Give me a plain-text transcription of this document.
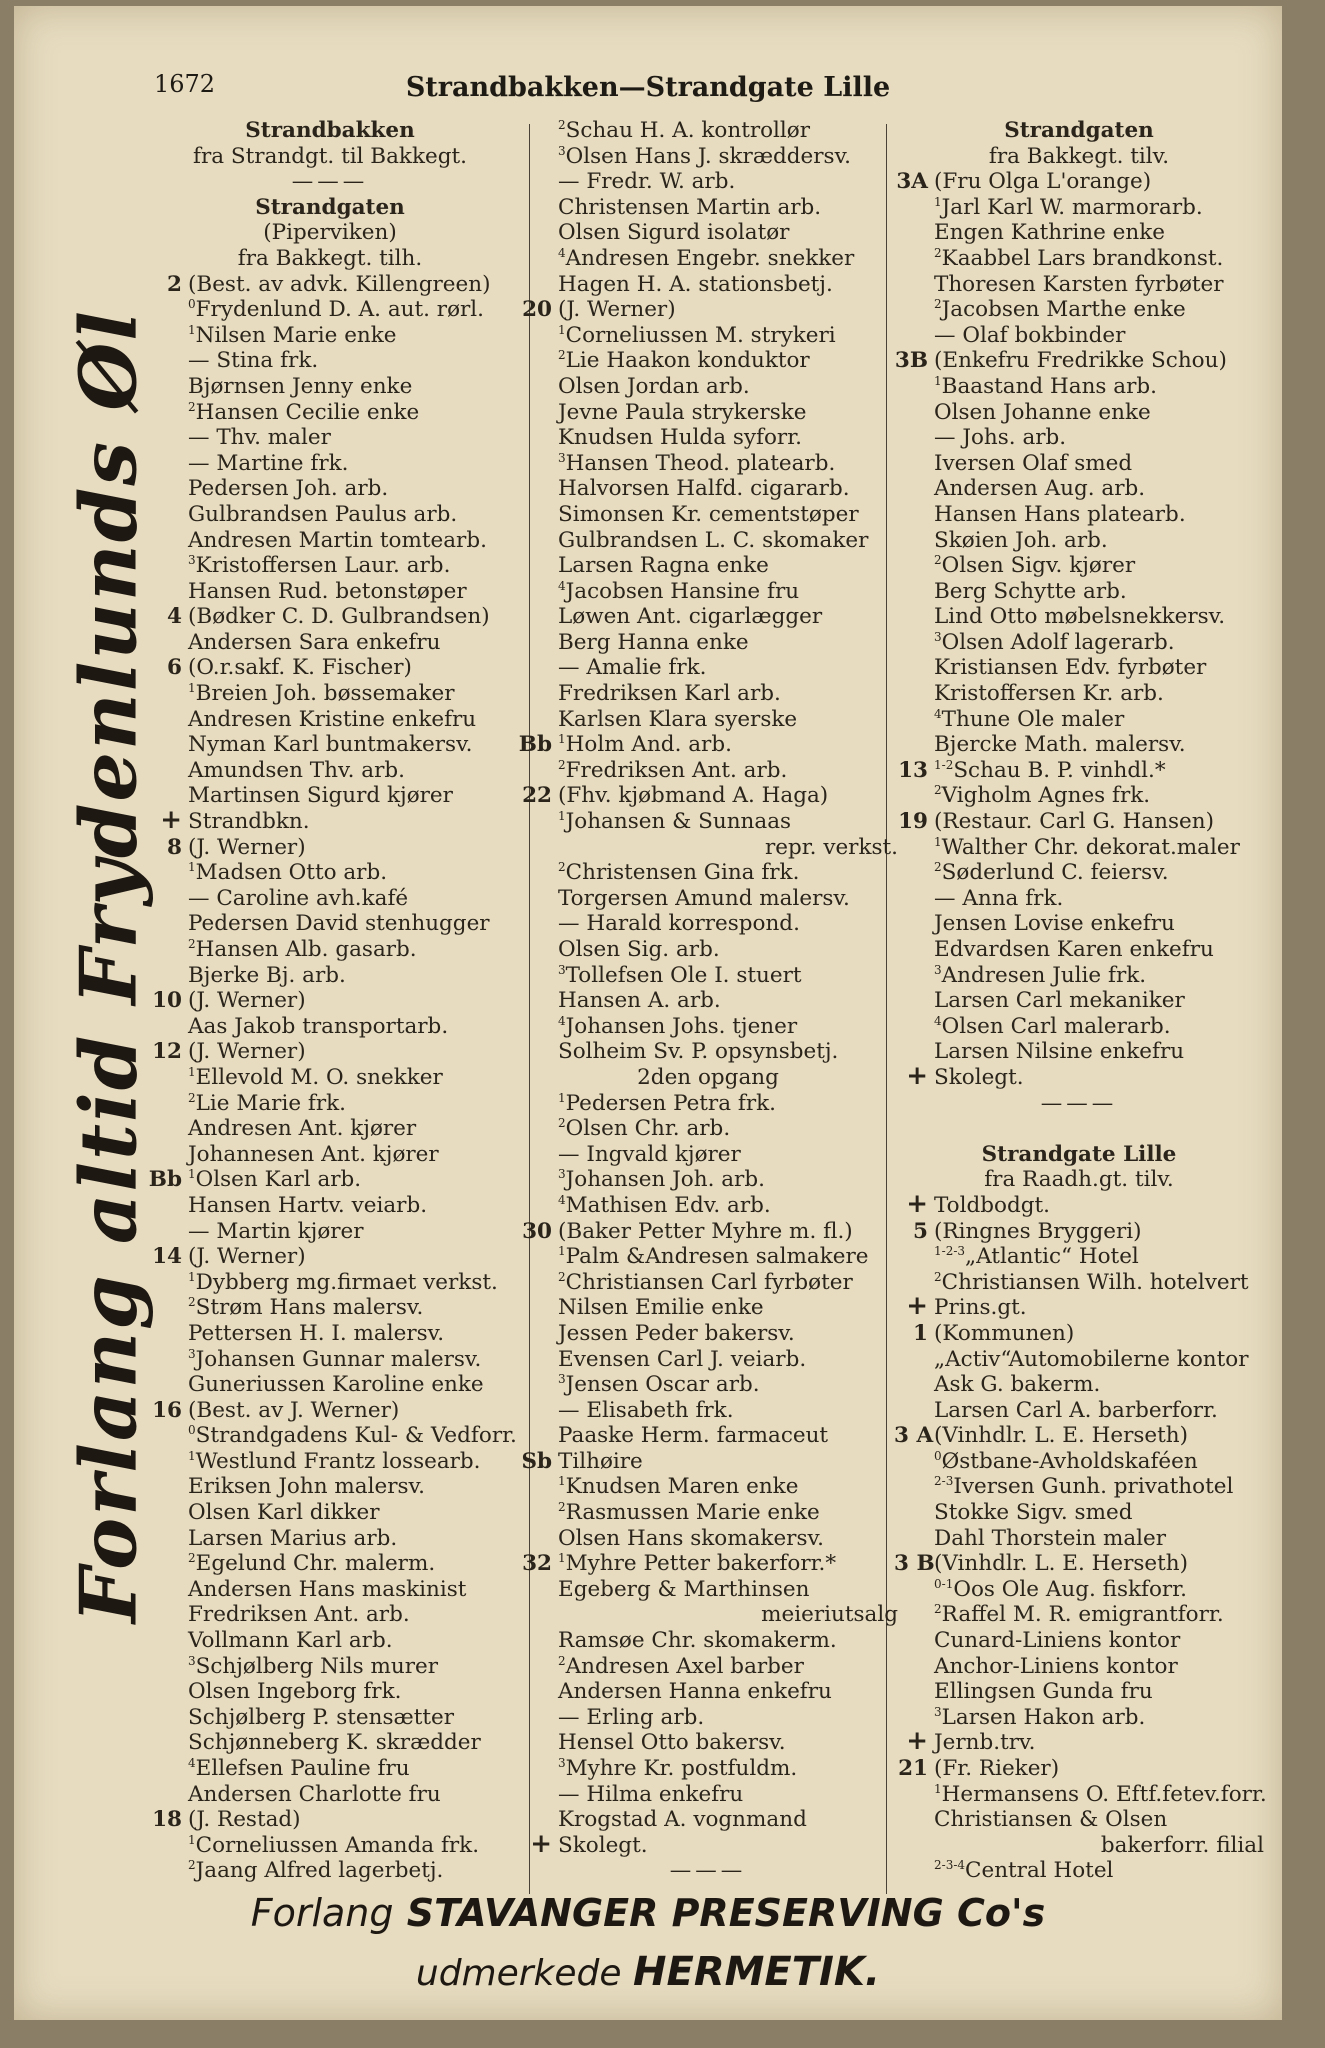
1672	Strandbakken—Strandgate Lille
Forlang altid Frydenlunds Øl
Strandbakken
fra Strandgt. til Bakkegt.
———
Strandgaten
(Piperviken)
fra Bakkegt. tilh.
2 (Best. av advk. Killengreen)
$^0$Frydenlund D. A. aut. rørl.
$^1$Nilsen Marie enke
— Stina frk.
Bjørnsen Jenny enke
$^2$Hansen Cecilie enke
— Thv. maler
— Martine frk.
Pedersen Joh. arb.
Gulbrandsen Paulus arb.
Andresen Martin tomtearb.
$^3$Kristoffersen Laur. arb.
Hansen Rud. betonstøper
4 (Bødker C. D. Gulbrandsen)
Andersen Sara enkefru
6 (O.r.sakf. K. Fischer)
$^1$Breien Joh. bøssemaker
Andresen Kristine enkefru
Nyman Karl buntmakersv.
Amundsen Thv. arb.
Martinsen Sigurd kjører
+ Strandbkn.
8 (J. Werner)
$^1$Madsen Otto arb.
— Caroline avh.kafé
Pedersen David stenhugger
$^2$Hansen Alb. gasarb.
Bjerke Bj. arb.
10 (J. Werner)
Aas Jakob transportarb.
12 (J. Werner)
$^1$Ellevold M. O. snekker
$^2$Lie Marie frk.
Andresen Ant. kjører
Johannesen Ant. kjører
Bb $^1$Olsen Karl arb.
Hansen Hartv. veiarb.
— Martin kjører
14 (J. Werner)
$^1$Dybberg mg.firmaet verkst.
$^2$Strøm Hans malersv.
Pettersen H. I. malersv.
$^3$Johansen Gunnar malersv.
Guneriussen Karoline enke
16 (Best. av J. Werner)
$^0$Strandgadens Kul- & Vedforr.
$^1$Westlund Frantz lossearb.
Eriksen John malersv.
Olsen Karl dikker
Larsen Marius arb.
$^2$Egelund Chr. malerm.
Andersen Hans maskinist
Fredriksen Ant. arb.
Vollmann Karl arb.
$^3$Schjølberg Nils murer
Olsen Ingeborg frk.
Schjølberg P. stensætter
Schjønneberg K. skrædder
$^4$Ellefsen Pauline fru
Andersen Charlotte fru
18 (J. Restad)
$^1$Corneliussen Amanda frk.
$^2$Jaang Alfred lagerbetj.
$^2$Schau H. A. kontrollør
$^3$Olsen Hans J. skræddersv.
— Fredr. W. arb.
Christensen Martin arb.
Olsen Sigurd isolatør
$^4$Andresen Engebr. snekker
Hagen H. A. stationsbetj.
20 (J. Werner)
$^1$Corneliussen M. strykeri
$^2$Lie Haakon konduktor
Olsen Jordan arb.
Jevne Paula strykerske
Knudsen Hulda syforr.
$^3$Hansen Theod. platearb.
Halvorsen Halfd. cigararb.
Simonsen Kr. cementstøper
Gulbrandsen L. C. skomaker
Larsen Ragna enke
$^4$Jacobsen Hansine fru
Løwen Ant. cigarlægger
Berg Hanna enke
— Amalie frk.
Fredriksen Karl arb.
Karlsen Klara syerske
Bb $^1$Holm And. arb.
$^2$Fredriksen Ant. arb.
22 (Fhv. kjøbmand A. Haga)
$^1$Johansen & Sunnaas
repr. verkst.
$^2$Christensen Gina frk.
Torgersen Amund malersv.
— Harald korrespond.
Olsen Sig. arb.
$^3$Tollefsen Ole I. stuert
Hansen A. arb.
$^4$Johansen Johs. tjener
Solheim Sv. P. opsynsbetj.
2den opgang
$^1$Pedersen Petra frk.
$^2$Olsen Chr. arb.
— Ingvald kjører
$^3$Johansen Joh. arb.
$^4$Mathisen Edv. arb.
30 (Baker Petter Myhre m. fl.)
$^1$Palm &Andresen salmakere
$^2$Christiansen Carl fyrbøter
Nilsen Emilie enke
Jessen Peder bakersv.
Evensen Carl J. veiarb.
$^3$Jensen Oscar arb.
— Elisabeth frk.
Paaske Herm. farmaceut
Sb Tilhøire
$^1$Knudsen Maren enke
$^2$Rasmussen Marie enke
Olsen Hans skomakersv.
32 $^1$Myhre Petter bakerforr.*
Egeberg & Marthinsen
meieriutsalg
Ramsøe Chr. skomakerm.
$^2$Andresen Axel barber
Andersen Hanna enkefru
— Erling arb.
Hensel Otto bakersv.
$^3$Myhre Kr. postfuldm.
— Hilma enkefru
Krogstad A. vognmand
+ Skolegt.
———
Strandgaten
fra Bakkegt. tilv.
3A (Fru Olga L'orange)
$^1$Jarl Karl W. marmorarb.
Engen Kathrine enke
$^2$Kaabbel Lars brandkonst.
Thoresen Karsten fyrbøter
$^2$Jacobsen Marthe enke
— Olaf bokbinder
3B (Enkefru Fredrikke Schou)
$^1$Baastand Hans arb.
Olsen Johanne enke
— Johs. arb.
Iversen Olaf smed
Andersen Aug. arb.
Hansen Hans platearb.
Skøien Joh. arb.
$^2$Olsen Sigv. kjører
Berg Schytte arb.
Lind Otto møbelsnekkersv.
$^3$Olsen Adolf lagerarb.
Kristiansen Edv. fyrbøter
Kristoffersen Kr. arb.
$^4$Thune Ole maler
Bjercke Math. malersv.
13 $^{1-2}$Schau B. P. vinhdl.*
$^2$Vigholm Agnes frk.
19 (Restaur. Carl G. Hansen)
$^1$Walther Chr. dekorat.maler
$^2$Søderlund C. feiersv.
— Anna frk.
Jensen Lovise enkefru
Edvardsen Karen enkefru
$^3$Andresen Julie frk.
Larsen Carl mekaniker
$^4$Olsen Carl malerarb.
Larsen Nilsine enkefru
+ Skolegt.
———

Strandgate Lille
fra Raadh.gt. tilv.
+ Toldbodgt.
5 (Ringnes Bryggeri)
$^{1-2-3}$„Atlantic“ Hotel
$^2$Christiansen Wilh. hotelvert
+ Prins.gt.
1 (Kommunen)
„Activ“Automobilerne kontor
Ask G. bakerm.
Larsen Carl A. barberforr.
3 A(Vinhdlr. L. E. Herseth)
$^0$Østbane-Avholdskaféen
$^{2-3}$Iversen Gunh. privathotel
Stokke Sigv. smed
Dahl Thorstein maler
3 B(Vinhdlr. L. E. Herseth)
$^{0-1}$Oos Ole Aug. fiskforr.
$^2$Raffel M. R. emigrantforr.
Cunard-Liniens kontor
Anchor-Liniens kontor
Ellingsen Gunda fru
$^3$Larsen Hakon arb.
+ Jernb.trv.
21 (Fr. Rieker)
$^1$Hermansens O. Eftf.fetev.forr.
Christiansen & Olsen
bakerforr. filial
$^{2-3-4}$Central Hotel
Forlang STAVANGER PRESERVING Co's
udmerkede HERMETIK.
